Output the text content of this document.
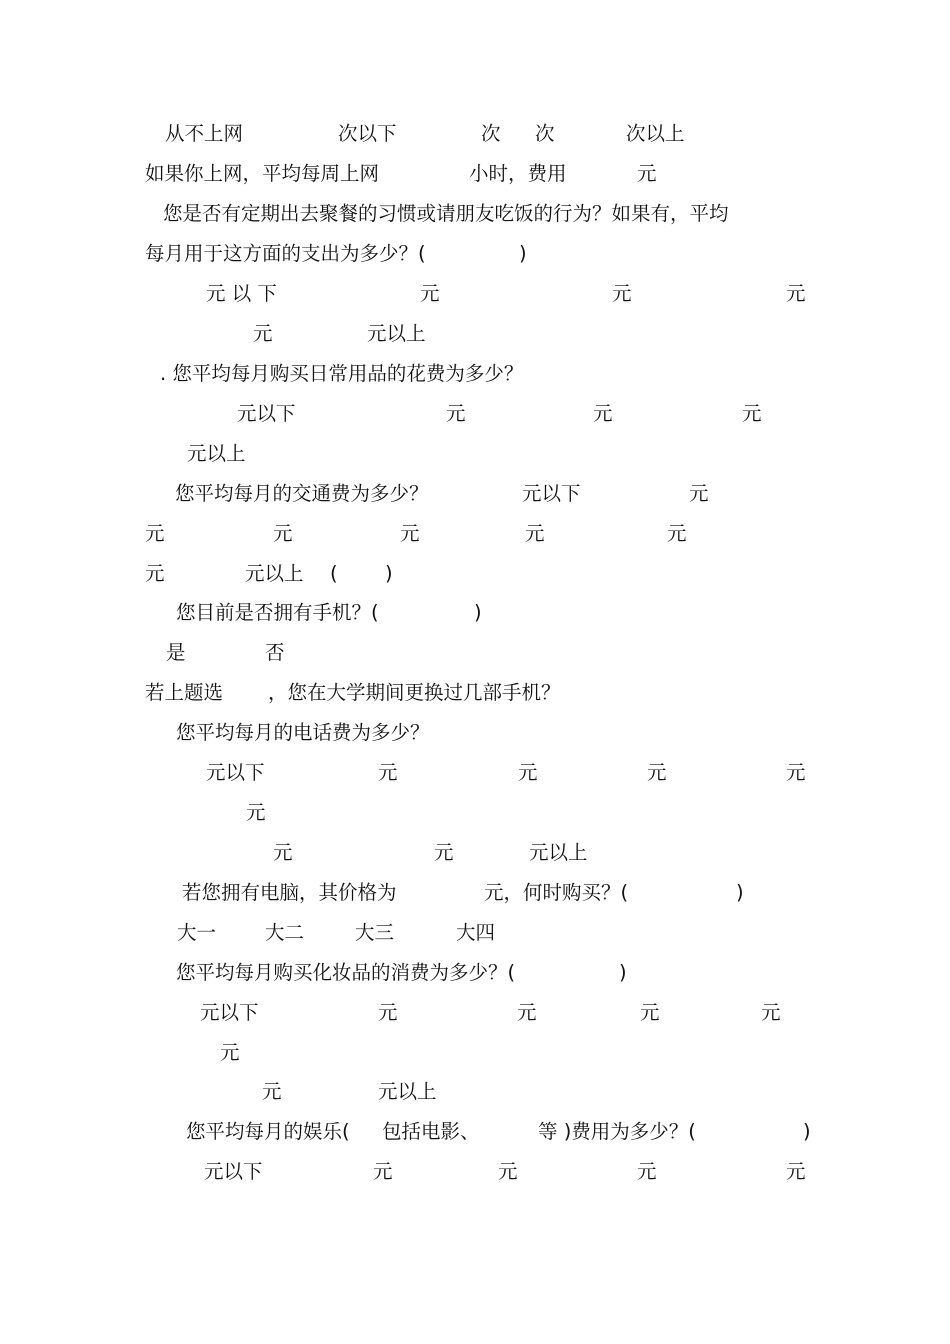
从不上网	次以下	次 次	次以上
如果你上网，平均每周上网	小时，费用	元
您是否有定期出去聚餐的习惯或请朋友吃饭的行为？如果有，平均
每月用于这方面的支出为多少？(	)
元 以 下	元	元	元
元	元以上
. 您平均每月购买日常用品的花费为多少？
元以下	元	元	元
元以上
您平均每月的交通费为多少？	元以下	元
元	元	元	元	元
元	元以上 ( )
您目前是否拥有手机？(	)
是	否
若上题选 ，您在大学期间更换过几部手机？
您平均每月的电话费为多少？
元以下	元	元	元	元
元
元	元	元以上
若您拥有电脑，其价格为	元，何时购买？(	)
大一	大二	大三	大四
您平均每月购买化妆品的消费为多少？(	)
元以下	元	元	元	元
元
元	元以上
您平均每月的娱乐( 包括电影、	等 )费用为多少？(	)
元以下	元	元	元	元
